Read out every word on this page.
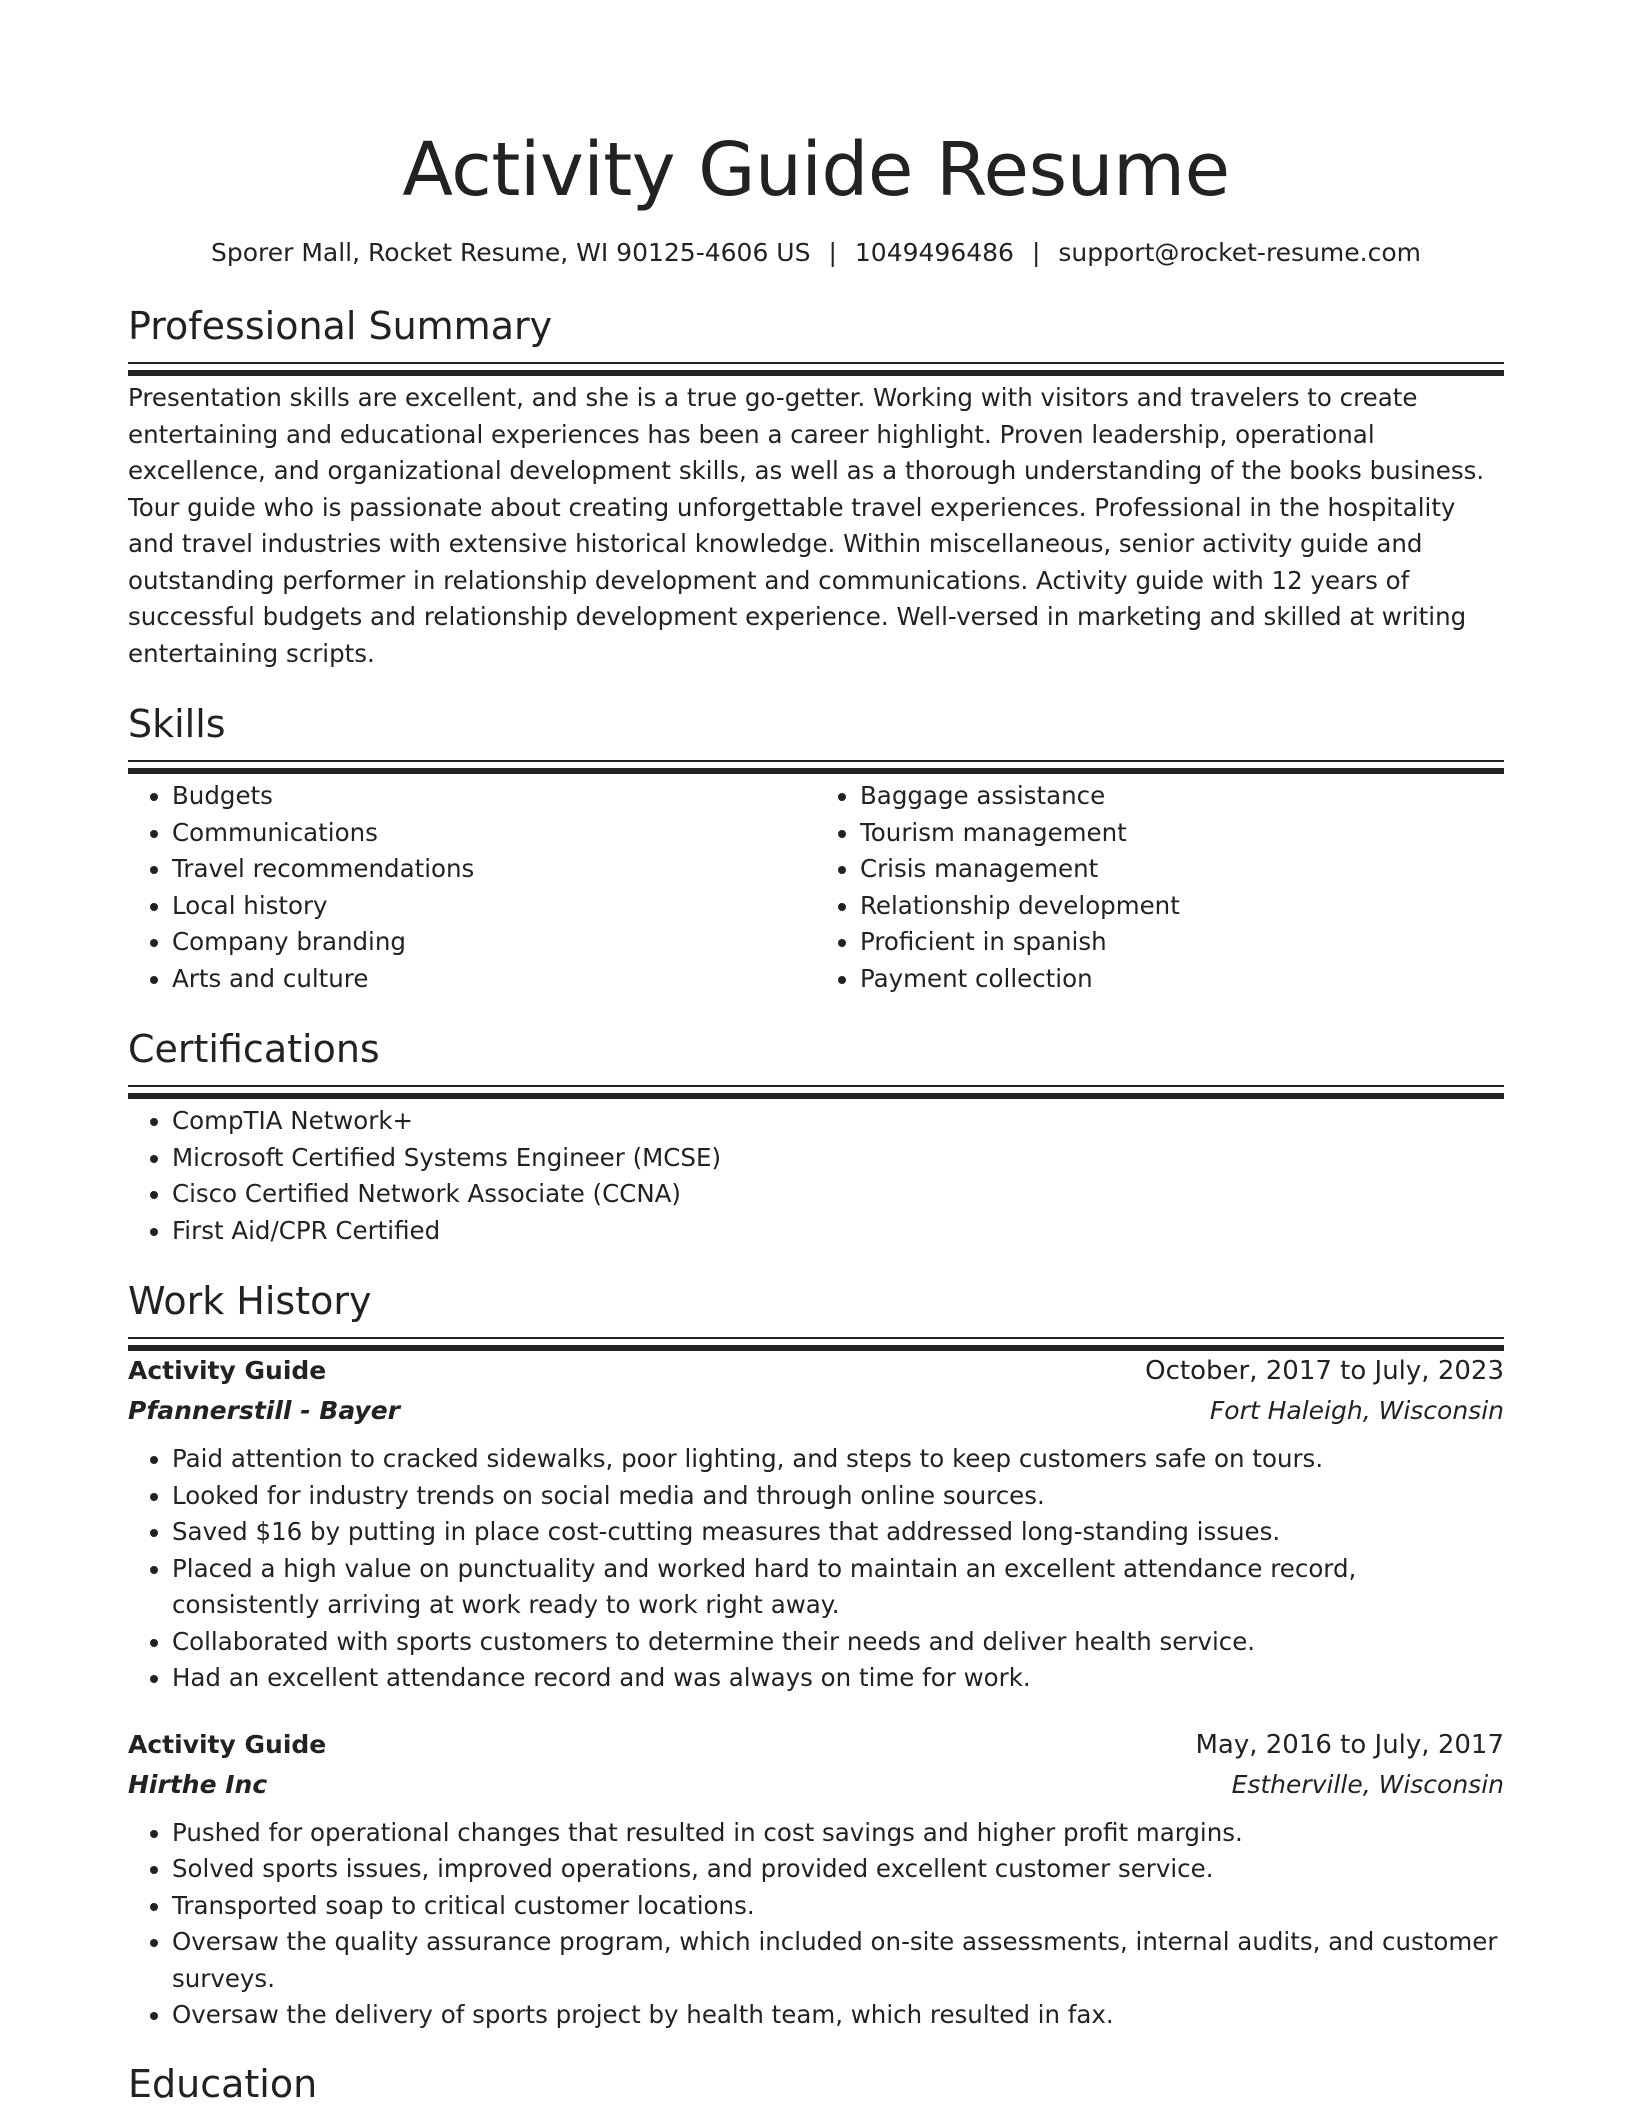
Activity Guide Resume
Sporer Mall, Rocket Resume, WI 90125-4606 US | 1049496486 | support@rocket-resume.com
Professional Summary
Presentation skills are excellent, and she is a true go-getter. Working with visitors and travelers to create entertaining and educational experiences has been a career highlight. Proven leadership, operational excellence, and organizational development skills, as well as a thorough understanding of the books business. Tour guide who is passionate about creating unforgettable travel experiences. Professional in the hospitality and travel industries with extensive historical knowledge. Within miscellaneous, senior activity guide and outstanding performer in relationship development and communications. Activity guide with 12 years of successful budgets and relationship development experience. Well-versed in marketing and skilled at writing entertaining scripts.
Skills
• Budgets
• Communications
• Travel recommendations
• Local history
• Company branding
• Arts and culture
• Baggage assistance
• Tourism management
• Crisis management
• Relationship development
• Proficient in spanish
• Payment collection
Certifications
• CompTIA Network+
• Microsoft Certified Systems Engineer (MCSE)
• Cisco Certified Network Associate (CCNA)
• First Aid/CPR Certified
Work History
Activity Guide	October, 2017 to July, 2023
Pfannerstill - Bayer	Fort Haleigh, Wisconsin
• Paid attention to cracked sidewalks, poor lighting, and steps to keep customers safe on tours.
• Looked for industry trends on social media and through online sources.
• Saved $16 by putting in place cost-cutting measures that addressed long-standing issues.
• Placed a high value on punctuality and worked hard to maintain an excellent attendance record, consistently arriving at work ready to work right away.
• Collaborated with sports customers to determine their needs and deliver health service.
• Had an excellent attendance record and was always on time for work.
Activity Guide	May, 2016 to July, 2017
Hirthe Inc	Estherville, Wisconsin
• Pushed for operational changes that resulted in cost savings and higher profit margins.
• Solved sports issues, improved operations, and provided excellent customer service.
• Transported soap to critical customer locations.
• Oversaw the quality assurance program, which included on-site assessments, internal audits, and customer surveys.
• Oversaw the delivery of sports project by health team, which resulted in fax.
Education
